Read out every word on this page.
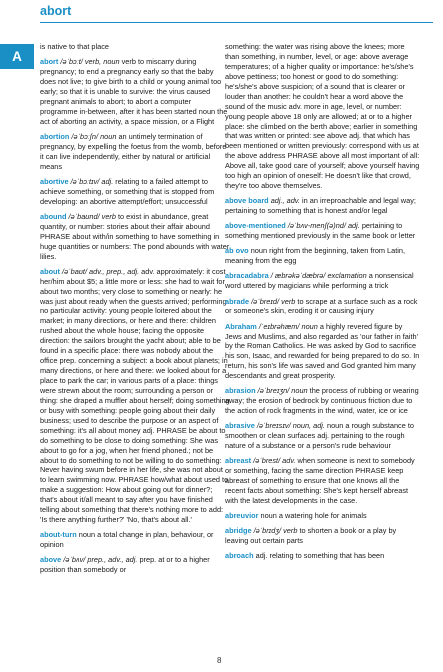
abort
A
is native to that place
abort /əˈbɔːt/ verb, noun verb to miscarry during pregnancy; to end a pregnancy early so that the baby does not live; to give birth to a child or young animal too early; so that it is unable to survive: the virus caused pregnant animals to abort; to abort a computer programme in-between, after it has been started noun the act of aborting an activity, a space mission, or a Flight
abortion /əˈbɔːʃn/ noun an untimely termination of pregnancy, by expelling the foetus from the womb, before it can live independently, either by natural or artificial means
abortive /əˈbɔːtɪv/ adj. relating to a failed attempt to achieve something, or something that is stopped from developing: an abortive attempt/effort; unsuccessful
abound /əˈbaʊnd/ verb to exist in abundance, great quantity, or number: stories about their affair abound PHRASE about with/in something to have something in huge quantities or numbers: The pond abounds with water lilies.
about /əˈbaʊt/ adv., prep., adj. adv. approximately: it cost her/him about $5; a little more or less: she had to wait for about two months; very close to something or nearly: he was just about ready when the guests arrived; performing no particular activity: young people loitered about the market; in many directions, or here and there: children rushed about the whole house; facing the opposite direction: the sailors brought the yacht about; able to be found in a specific place: there was nobody about the office prep. concerning a subject: a book about planets; in many directions, or here and there: we looked about for a place to park the car; in various parts of a place: things were strewn about the room; surrounding a person or thing: she draped a muffler about herself; doing something or busy with something: people going about their daily business; used to describe the purpose or an aspect of something: it's all about money adj. PHRASE be about to do something to be close to doing something: She was about to go for a jog, when her friend phoned.; not be about to do something to not be willing to do something: Never having swum before in her life, she was not about to learn swimming now. PHRASE how/what about used to make a suggestion: How about going out for dinner?; that's about it/all meant to say after you have finished telling about something that there's nothing more to add: 'Is there anything further?' 'No, that's about all.'
about-turn noun a total change in plan, behaviour, or opinion
above /əˈbʌv/ prep., adv., adj. prep. at or to a higher position than somebody or
something: the water was rising above the knees; more than something, in number, level, or age: above average temperatures; of a higher quality or importance: he's/she's above pettiness; too honest or good to do something: he's/she's above suspicion; of a sound that is clearer or louder than another: he couldn't hear a word above the sound of the music adv. more in age, level, or number: young people above 18 only are allowed; at or to a higher place: she climbed on the berth above; earlier in something that was written or printed: see above adj. that which has been mentioned or written previously: correspond with us at the above address PHRASE above all most important of all: Above all, take good care of yourself; above yourself having too high an opinion of oneself: He doesn't like that crowd, they're too above themselves.
above board adj., adv. in an irreproachable and legal way; pertaining to something that is honest and/or legal
above-mentioned /əˈbʌv-menʃ(ə)nd/ adj. pertaining to something mentioned previously in the same book or letter
ab ovo noun right from the beginning, taken from Latin, meaning from the egg
abracadabra / æbrəkəˈdæbrə/ exclamation a nonsensical word uttered by magicians while performing a trick
abrade /əˈbreɪd/ verb to scrape at a surface such as a rock or someone's skin, eroding it or causing injury
Abraham /ˈeɪbrəhæm/ noun a highly revered figure by Jews and Muslims, and also regarded as 'our father in faith' by the Roman Catholics. He was asked by God to sacrifice his son, Isaac, and rewarded for being prepared to do so. In return, his son's life was saved and God granted him many descendants and great prosperity.
abrasion /əˈbreɪʒn/ noun the process of rubbing or wearing away; the erosion of bedrock by continuous friction due to the action of rock fragments in the wind, water, ice or ice
abrasive /əˈbreɪsɪv/ noun, adj. noun a rough substance to smoothen or clean surfaces adj. pertaining to the rough nature of a substance or a person's rude behaviour
abreast /əˈbrest/ adv. when someone is next to somebody or something, facing the same direction PHRASE keep abreast of something to ensure that one knows all the recent facts about something: She's kept herself abreast with the latest developments in the case.
abreuvior noun a watering hole for animals
abridge /əˈbrɪdʒ/ verb to shorten a book or a play by leaving out certain parts
abroach adj. relating to something that has been
8
